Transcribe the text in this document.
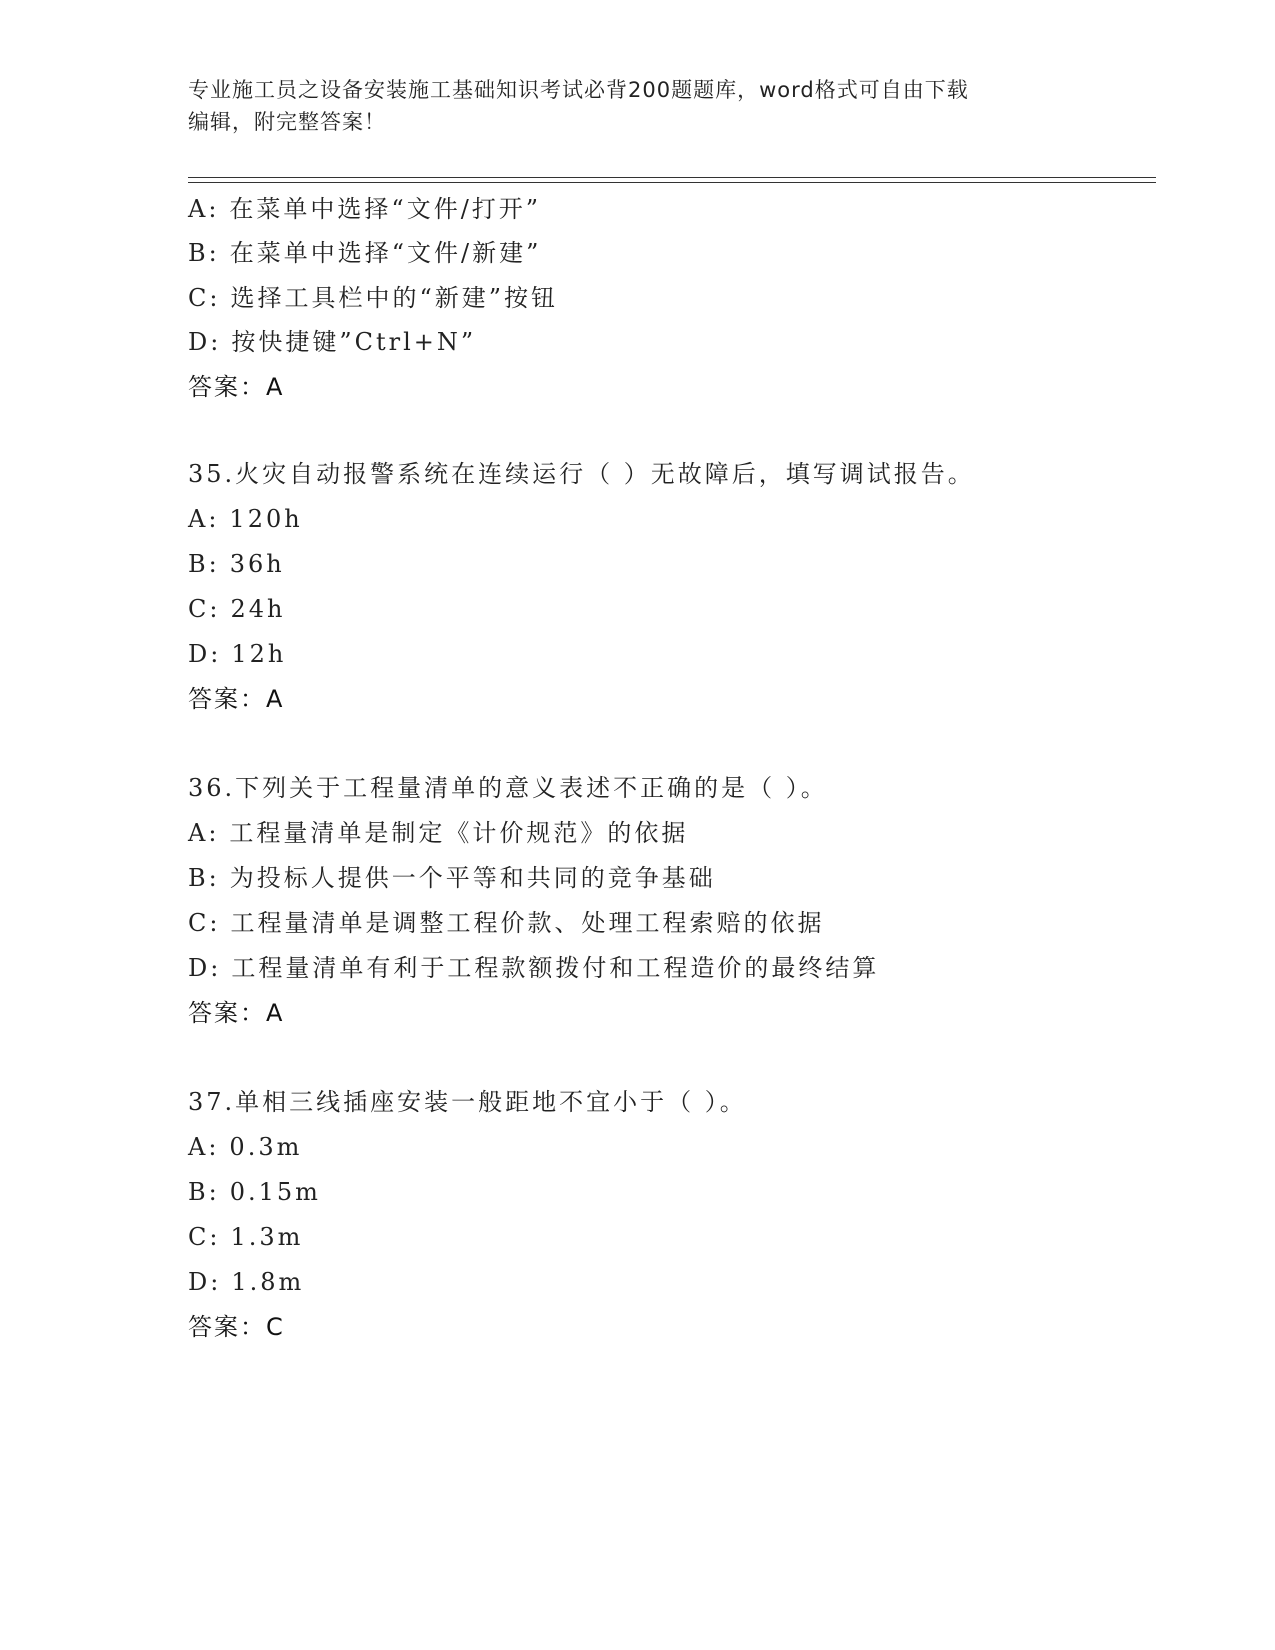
专业施工员之设备安装施工基础知识考试必背200题题库，word格式可自由下载
编辑，附完整答案！
A: 在菜单中选择“文件/打开”
B: 在菜单中选择“文件/新建”
C: 选择工具栏中的“新建”按钮
D: 按快捷键”Ctrl+N”
答案：A
35.火灾自动报警系统在连续运行（ ）无故障后，填写调试报告。
A: 120h
B: 36h
C: 24h
D: 12h
答案：A
36.下列关于工程量清单的意义表述不正确的是（ ）。
A: 工程量清单是制定《计价规范》的依据
B: 为投标人提供一个平等和共同的竞争基础
C: 工程量清单是调整工程价款、处理工程索赔的依据
D: 工程量清单有利于工程款额拨付和工程造价的最终结算
答案：A
37.单相三线插座安装一般距地不宜小于（ ）。
A: 0.3m
B: 0.15m
C: 1.3m
D: 1.8m
答案：C
